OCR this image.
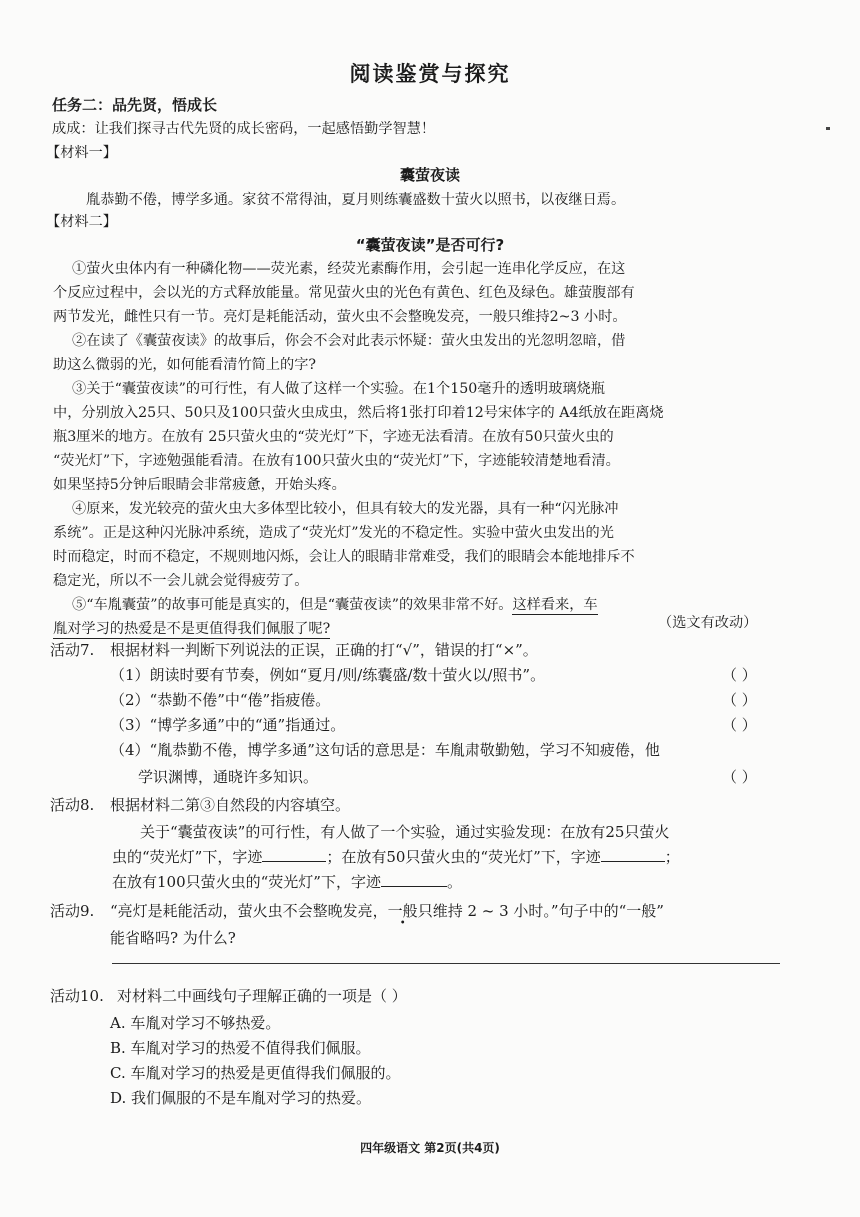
阅读鉴赏与探究
任务二：品先贤，悟成长
成成：让我们探寻古代先贤的成长密码，一起感悟勤学智慧！
【材料一】
囊萤夜读
胤恭勤不倦，博学多通。家贫不常得油，夏月则练囊盛数十萤火以照书，以夜继日焉。
【材料二】
“囊萤夜读”是否可行?
①萤火虫体内有一种磷化物——荧光素，经荧光素酶作用，会引起一连串化学反应，在这
个反应过程中，会以光的方式释放能量。常见萤火虫的光色有黄色、红色及绿色。雄萤腹部有
两节发光，雌性只有一节。亮灯是耗能活动，萤火虫不会整晚发亮，一般只维持2~3 小时。
②在读了《囊萤夜读》的故事后，你会不会对此表示怀疑：萤火虫发出的光忽明忽暗，借
助这么微弱的光，如何能看清竹简上的字?
③关于“囊萤夜读”的可行性，有人做了这样一个实验。在1个150毫升的透明玻璃烧瓶
中，分别放入25只、50只及100只萤火虫成虫，然后将1张打印着12号宋体字的 A4纸放在距离烧
瓶3厘米的地方。在放有 25只萤火虫的“荧光灯”下，字迹无法看清。在放有50只萤火虫的
“荧光灯”下，字迹勉强能看清。在放有100只萤火虫的“荧光灯”下，字迹能较清楚地看清。
如果坚持5分钟后眼睛会非常疲惫，开始头疼。
④原来，发光较亮的萤火虫大多体型比较小，但具有较大的发光器，具有一种“闪光脉冲
系统”。正是这种闪光脉冲系统，造成了“荧光灯”发光的不稳定性。实验中萤火虫发出的光
时而稳定，时而不稳定，不规则地闪烁，会让人的眼睛非常难受，我们的眼睛会本能地排斥不
稳定光，所以不一会儿就会觉得疲劳了。
⑤“车胤囊萤”的故事可能是真实的，但是“囊萤夜读”的效果非常不好。这样看来，车
胤对学习的热爱是不是更值得我们佩服了呢?	（选文有改动）
活动7. 根据材料一判断下列说法的正误，正确的打“√”，错误的打“×”。
（1）朗读时要有节奏，例如“夏月/则/练囊盛/数十萤火以/照书”。	（ ）
（2）“恭勤不倦”中“倦”指疲倦。	（ ）
（3）“博学多通”中的“通”指通过。	（ ）
（4）“胤恭勤不倦，博学多通”这句话的意思是：车胤肃敬勤勉，学习不知疲倦，他
学识渊博，通晓许多知识。	（ ）
活动8. 根据材料二第③自然段的内容填空。
关于“囊萤夜读”的可行性，有人做了一个实验，通过实验发现：在放有25只萤火
虫的“荧光灯”下，字迹	；在放有50只萤火虫的“荧光灯”下，字迹	；
在放有100只萤火虫的“荧光灯”下，字迹	。
活动9. “亮灯是耗能活动，萤火虫不会整晚发亮，一般只维持 2 ~ 3 小时。”句子中的“一般”
能省略吗? 为什么?
活动10. 对材料二中画线句子理解正确的一项是（ ）
A. 车胤对学习不够热爱。
B. 车胤对学习的热爱不值得我们佩服。
C. 车胤对学习的热爱是更值得我们佩服的。
D. 我们佩服的不是车胤对学习的热爱。
四年级语文 第2页(共4页)
